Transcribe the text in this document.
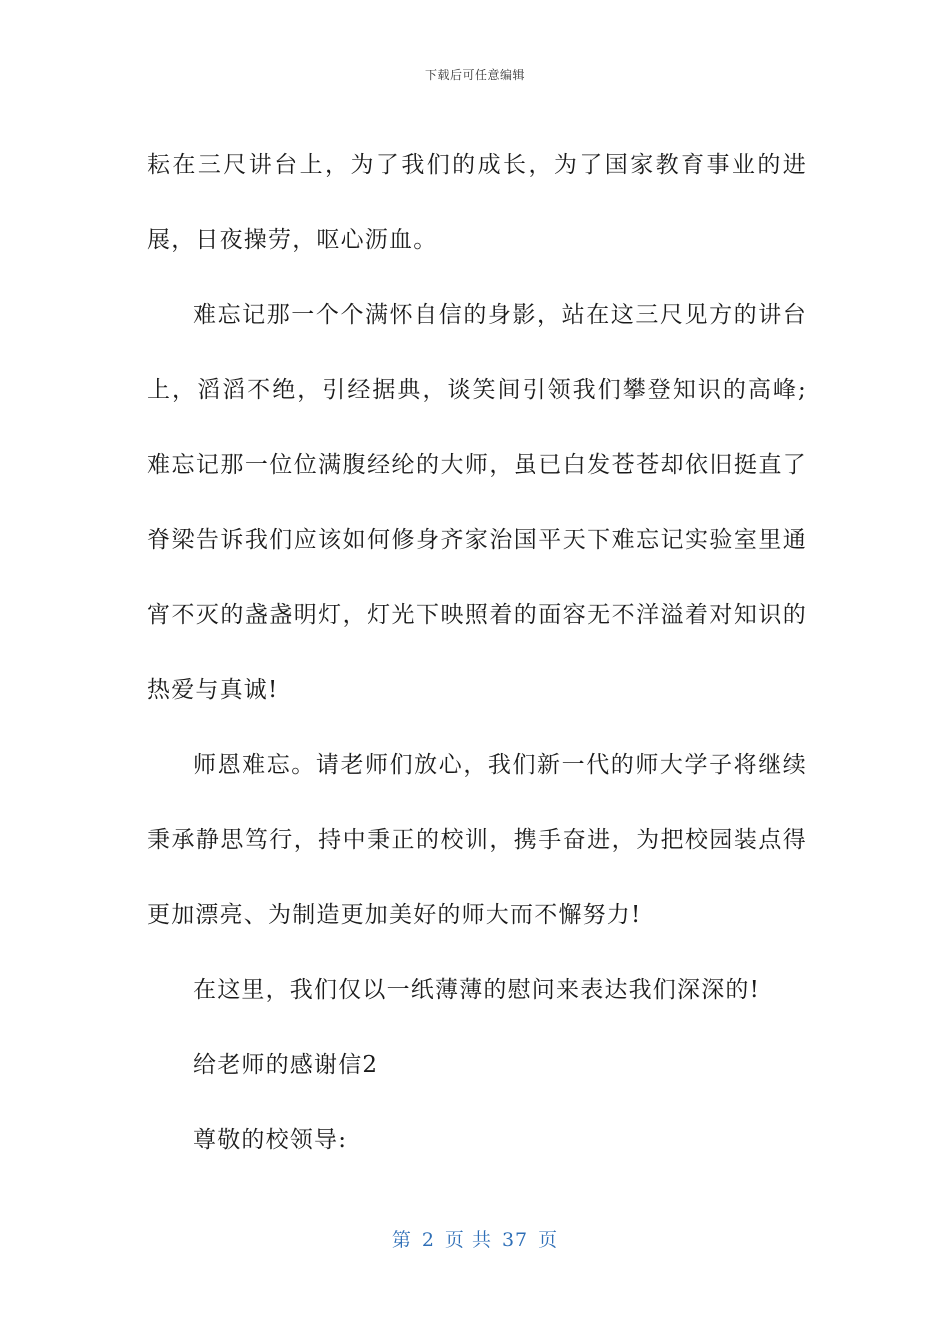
下载后可任意编辑

耘在三尺讲台上，为了我们的成长，为了国家教育事业的进展，日夜操劳，呕心沥血。

难忘记那一个个满怀自信的身影，站在这三尺见方的讲台上，滔滔不绝，引经据典，谈笑间引领我们攀登知识的高峰;难忘记那一位位满腹经纶的大师，虽已白发苍苍却依旧挺直了脊梁告诉我们应该如何修身齐家治国平天下难忘记实验室里通宵不灭的盏盏明灯，灯光下映照着的面容无不洋溢着对知识的热爱与真诚!

师恩难忘。请老师们放心，我们新一代的师大学子将继续秉承静思笃行，持中秉正的校训，携手奋进，为把校园装点得更加漂亮、为制造更加美好的师大而不懈努力!

在这里，我们仅以一纸薄薄的慰问来表达我们深深的!

给老师的感谢信2

尊敬的校领导:

第 2 页 共 37 页
